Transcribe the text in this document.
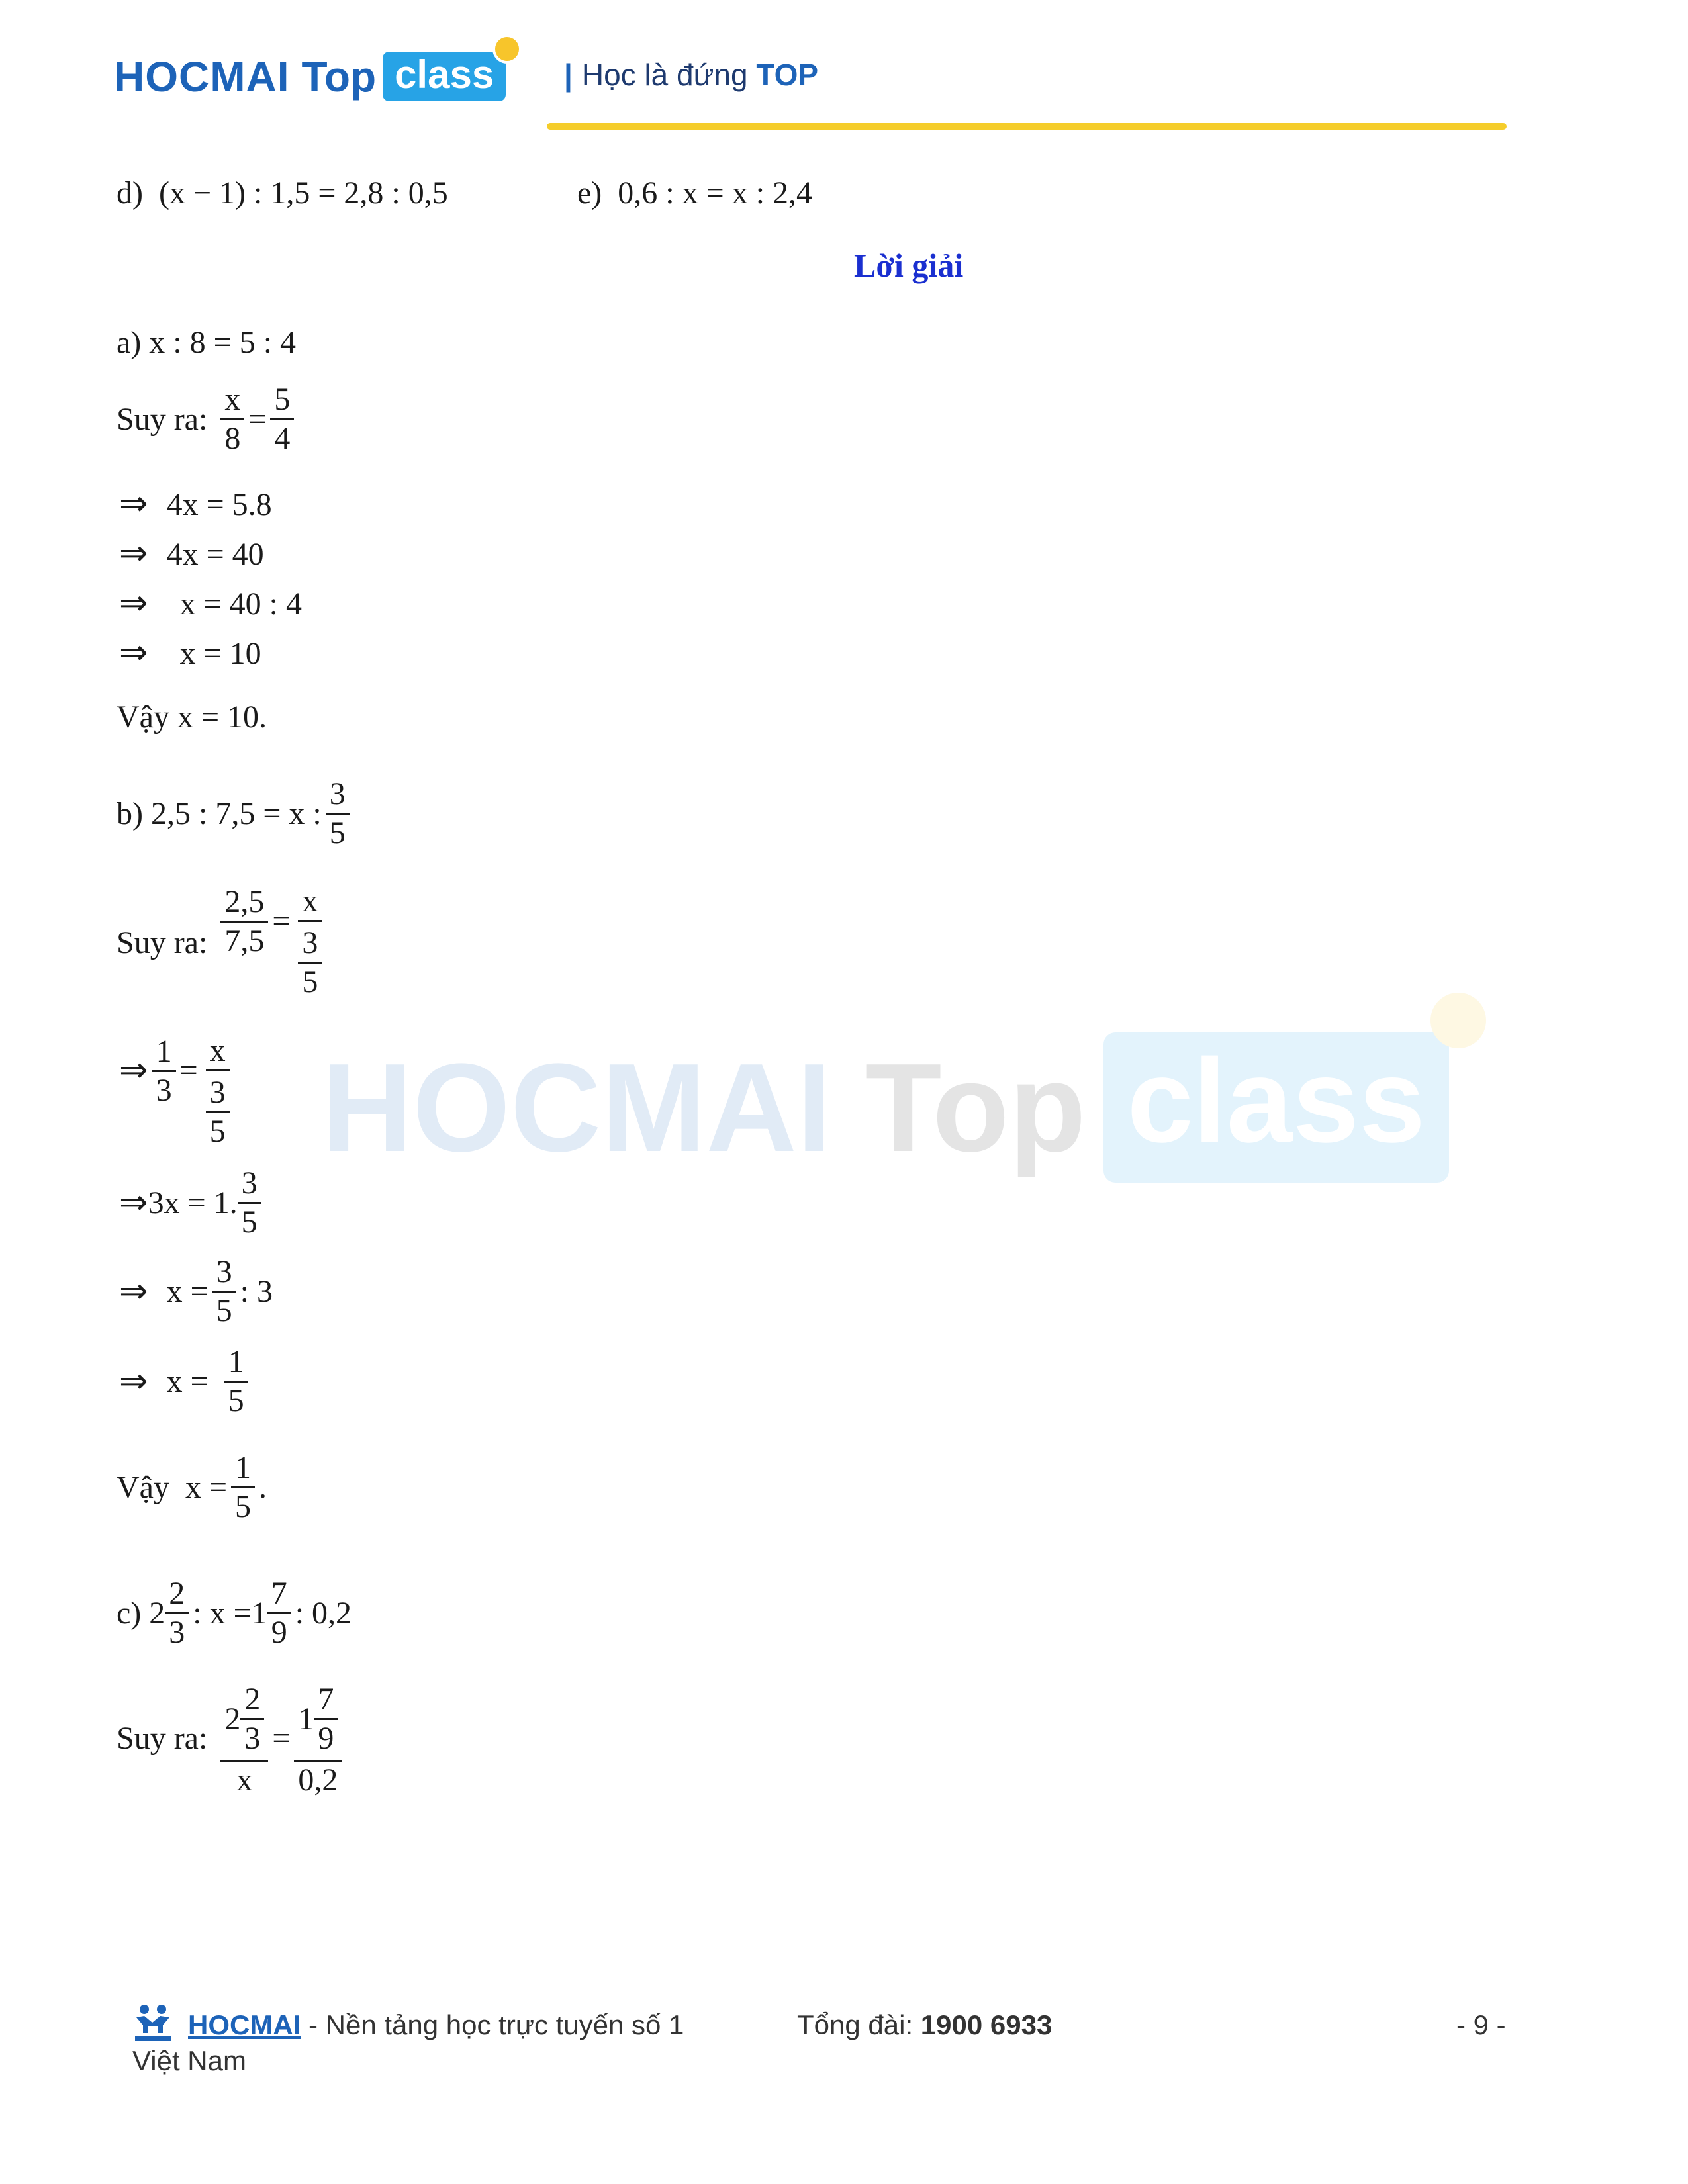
HOCMAI Top class	| Học là đứng TOP
d) (x − 1) : 1,5 = 2,8 : 0,5	e) 0,6 : x = x : 2,4
Lời giải
a) x : 8 = 5 : 4
Suy ra: $\frac{x}{8} = \frac{5}{4}$
⇒ 4x = 5.8
⇒ 4x = 40
⇒ x = 40 : 4
⇒ x = 10
Vậy x = 10.
b)
2,5 : 7,5 = x : $\frac{3}{5}$
Suy ra: $\frac{2,5}{7,5} = \frac{x}{\frac{3}{5}}$
⇒ $\frac{1}{3} = \frac{x}{\frac{3}{5}}$
⇒ 3x = 1. $\frac{3}{5}$
⇒ $x = \frac{3}{5}$ : 3
⇒ $x = \frac{1}{5}$
Vậy
$x = \frac{1}{5}$ .
c)
$2 \frac{2}{3}$ : $x = 1 \frac{7}{9}$ : 0,2
Suy ra: $\frac{2 \frac{2}{3}}{x} = \frac{1 \frac{7}{9}}{0,2}$
HOCMAI Top class
HOCMAI - Nền tảng học trực tuyến số 1
Việt Nam
Tổng đài: 1900 6933	- 9 -
